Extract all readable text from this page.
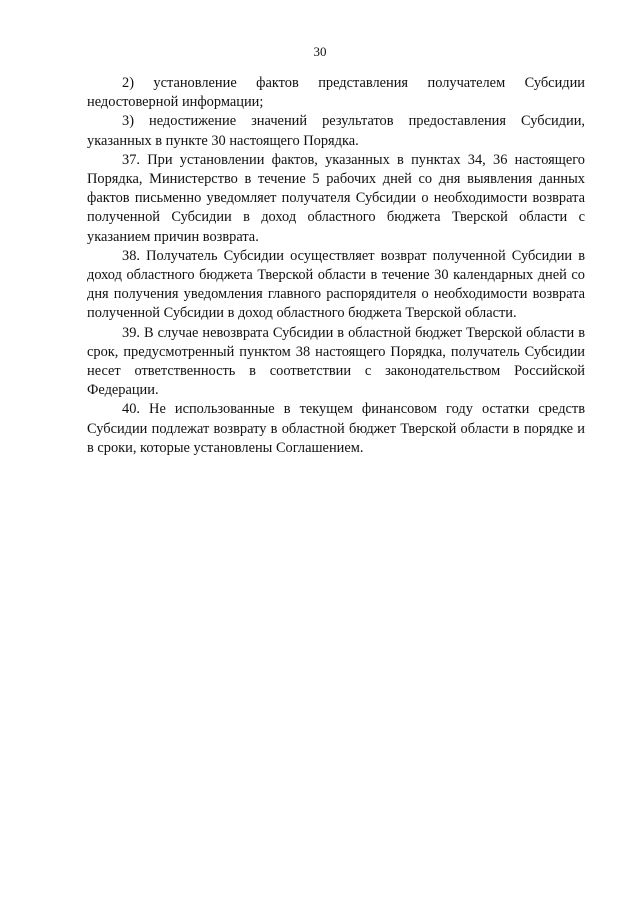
30

2) установление фактов представления получателем Субсидии недостоверной информации;

3) недостижение значений результатов предоставления Субсидии, указанных в пункте 30 настоящего Порядка.

37. При установлении фактов, указанных в пунктах 34, 36 настоящего Порядка, Министерство в течение 5 рабочих дней со дня выявления данных фактов письменно уведомляет получателя Субсидии о необходимости возврата полученной Субсидии в доход областного бюджета Тверской области с указанием причин возврата.

38. Получатель Субсидии осуществляет возврат полученной Субсидии в доход областного бюджета Тверской области в течение 30 календарных дней со дня получения уведомления главного распорядителя о необходимости возврата полученной Субсидии в доход областного бюджета Тверской области.

39. В случае невозврата Субсидии в областной бюджет Тверской области в срок, предусмотренный пунктом 38 настоящего Порядка, получатель Субсидии несет ответственность в соответствии с законодательством Российской Федерации.

40. Не использованные в текущем финансовом году остатки средств Субсидии подлежат возврату в областной бюджет Тверской области в порядке и в сроки, которые установлены Соглашением.
